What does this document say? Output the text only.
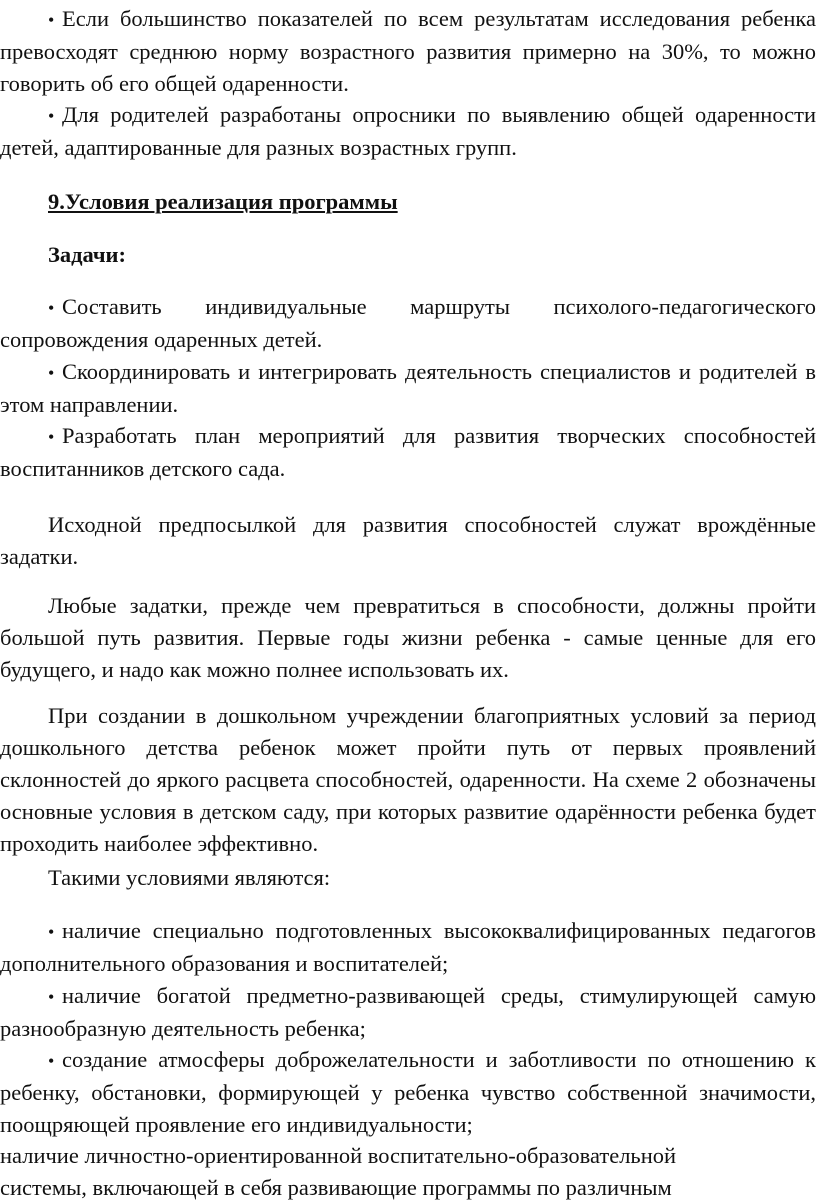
• Если большинство показателей по всем результатам исследования ребенка превосходят среднюю норму возрастного развития примерно на 30%, то можно говорить об его общей одаренности.

• Для родителей разработаны опросники по выявлению общей одаренности детей, адаптированные для разных возрастных групп.

9.Условия реализация программы

Задачи:

• Составить индивидуальные маршруты психолого-педагогического сопровождения одаренных детей.

• Скоординировать и интегрировать деятельность специалистов и родителей в этом направлении.

• Разработать план мероприятий для развития творческих способностей воспитанников детского сада.

Исходной предпосылкой для развития способностей служат врождённые задатки.

Любые задатки, прежде чем превратиться в способности, должны пройти большой путь развития. Первые годы жизни ребенка - самые ценные для его будущего, и надо как можно полнее использовать их.

При создании в дошкольном учреждении благоприятных условий за период дошкольного детства ребенок может пройти путь от первых проявлений склонностей до яркого расцвета способностей, одаренности. На схеме 2 обозначены основные условия в детском саду, при которых развитие одарённости ребенка будет проходить наиболее эффективно.

Такими условиями являются:

• наличие специально подготовленных высококвалифицированных педагогов дополнительного образования и воспитателей;

• наличие богатой предметно-развивающей среды, стимулирующей самую разнообразную деятельность ребенка;

• создание атмосферы доброжелательности и заботливости по отношению к ребенку, обстановки, формирующей у ребенка чувство собственной значимости, поощряющей проявление его индивидуальности;

наличие личностно-ориентированной воспитательно-образовательной системы, включающей в себя развивающие программы по различным
